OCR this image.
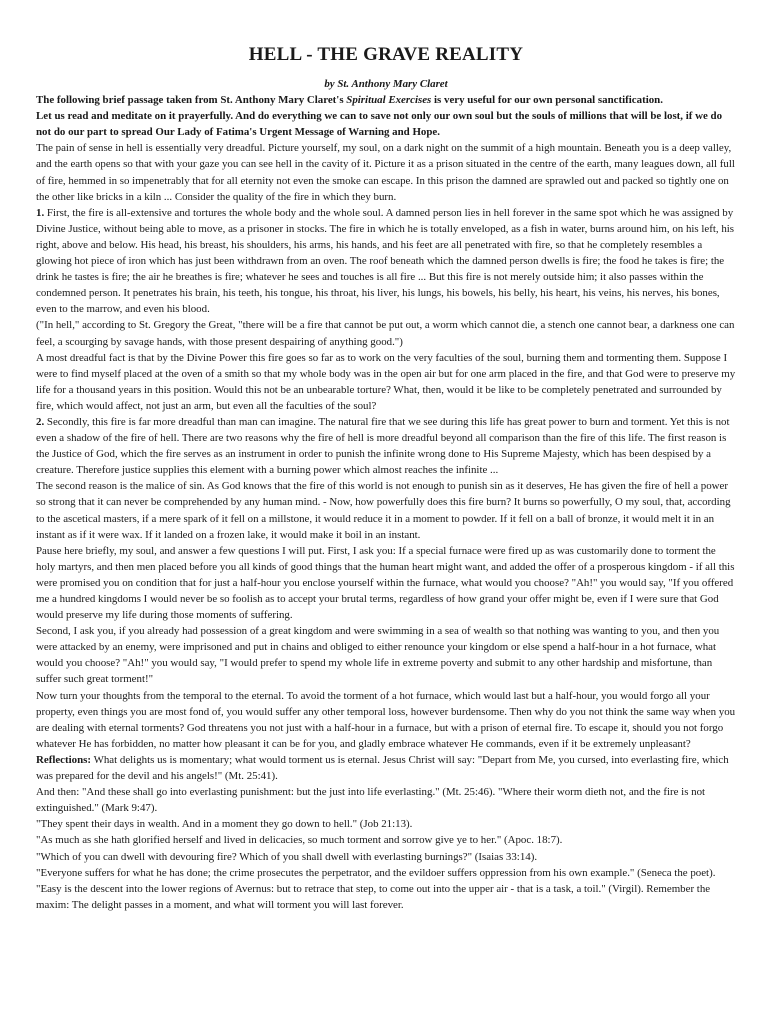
HELL - THE GRAVE REALITY

by St. Anthony Mary Claret

The following brief passage taken from St. Anthony Mary Claret's Spiritual Exercises is very useful for our own personal sanctification.

Let us read and meditate on it prayerfully. And do everything we can to save not only our own soul but the souls of millions that will be lost, if we do not do our part to spread Our Lady of Fatima's Urgent Message of Warning and Hope.

The pain of sense in hell is essentially very dreadful. Picture yourself, my soul, on a dark night on the summit of a high mountain. Beneath you is a deep valley, and the earth opens so that with your gaze you can see hell in the cavity of it. Picture it as a prison situated in the centre of the earth, many leagues down, all full of fire, hemmed in so impenetrably that for all eternity not even the smoke can escape. In this prison the damned are sprawled out and packed so tightly one on the other like bricks in a kiln ... Consider the quality of the fire in which they burn.

1. First, the fire is all-extensive and tortures the whole body and the whole soul. A damned person lies in hell forever in the same spot which he was assigned by Divine Justice, without being able to move, as a prisoner in stocks. The fire in which he is totally enveloped, as a fish in water, burns around him, on his left, his right, above and below. His head, his breast, his shoulders, his arms, his hands, and his feet are all penetrated with fire, so that he completely resembles a glowing hot piece of iron which has just been withdrawn from an oven. The roof beneath which the damned person dwells is fire; the food he takes is fire; the drink he tastes is fire; the air he breathes is fire; whatever he sees and touches is all fire ... But this fire is not merely outside him; it also passes within the condemned person. It penetrates his brain, his teeth, his tongue, his throat, his liver, his lungs, his bowels, his belly, his heart, his veins, his nerves, his bones, even to the marrow, and even his blood.

("In hell," according to St. Gregory the Great, "there will be a fire that cannot be put out, a worm which cannot die, a stench one cannot bear, a darkness one can feel, a scourging by savage hands, with those present despairing of anything good.")

A most dreadful fact is that by the Divine Power this fire goes so far as to work on the very faculties of the soul, burning them and tormenting them. Suppose I were to find myself placed at the oven of a smith so that my whole body was in the open air but for one arm placed in the fire, and that God were to preserve my life for a thousand years in this position. Would this not be an unbearable torture? What, then, would it be like to be completely penetrated and surrounded by fire, which would affect, not just an arm, but even all the faculties of the soul?

2. Secondly, this fire is far more dreadful than man can imagine. The natural fire that we see during this life has great power to burn and torment. Yet this is not even a shadow of the fire of hell. There are two reasons why the fire of hell is more dreadful beyond all comparison than the fire of this life. The first reason is the Justice of God, which the fire serves as an instrument in order to punish the infinite wrong done to His Supreme Majesty, which has been despised by a creature. Therefore justice supplies this element with a burning power which almost reaches the infinite ...

The second reason is the malice of sin. As God knows that the fire of this world is not enough to punish sin as it deserves, He has given the fire of hell a power so strong that it can never be comprehended by any human mind. - Now, how powerfully does this fire burn? It burns so powerfully, O my soul, that, according to the ascetical masters, if a mere spark of it fell on a millstone, it would reduce it in a moment to powder. If it fell on a ball of bronze, it would melt it in an instant as if it were wax. If it landed on a frozen lake, it would make it boil in an instant.

Pause here briefly, my soul, and answer a few questions I will put. First, I ask you: If a special furnace were fired up as was customarily done to torment the holy martyrs, and then men placed before you all kinds of good things that the human heart might want, and added the offer of a prosperous kingdom - if all this were promised you on condition that for just a half-hour you enclose yourself within the furnace, what would you choose? "Ah!" you would say, "If you offered me a hundred kingdoms I would never be so foolish as to accept your brutal terms, regardless of how grand your offer might be, even if I were sure that God would preserve my life during those moments of suffering.

Second, I ask you, if you already had possession of a great kingdom and were swimming in a sea of wealth so that nothing was wanting to you, and then you were attacked by an enemy, were imprisoned and put in chains and obliged to either renounce your kingdom or else spend a half-hour in a hot furnace, what would you choose? "Ah!" you would say, "I would prefer to spend my whole life in extreme poverty and submit to any other hardship and misfortune, than suffer such great torment!"

Now turn your thoughts from the temporal to the eternal. To avoid the torment of a hot furnace, which would last but a half-hour, you would forgo all your property, even things you are most fond of, you would suffer any other temporal loss, however burdensome. Then why do you not think the same way when you are dealing with eternal torments? God threatens you not just with a half-hour in a furnace, but with a prison of eternal fire. To escape it, should you not forgo whatever He has forbidden, no matter how pleasant it can be for you, and gladly embrace whatever He commands, even if it be extremely unpleasant?

Reflections: What delights us is momentary; what would torment us is eternal. Jesus Christ will say: "Depart from Me, you cursed, into everlasting fire, which was prepared for the devil and his angels!" (Mt. 25:41).

And then: "And these shall go into everlasting punishment: but the just into life everlasting." (Mt. 25:46). "Where their worm dieth not, and the fire is not extinguished." (Mark 9:47).

"They spent their days in wealth. And in a moment they go down to hell." (Job 21:13).

"As much as she hath glorified herself and lived in delicacies, so much torment and sorrow give ye to her." (Apoc. 18:7).

"Which of you can dwell with devouring fire? Which of you shall dwell with everlasting burnings?" (Isaias 33:14).

"Everyone suffers for what he has done; the crime prosecutes the perpetrator, and the evildoer suffers oppression from his own example." (Seneca the poet).

"Easy is the descent into the lower regions of Avernus: but to retrace that step, to come out into the upper air - that is a task, a toil." (Virgil). Remember the maxim: The delight passes in a moment, and what will torment you will last forever.
